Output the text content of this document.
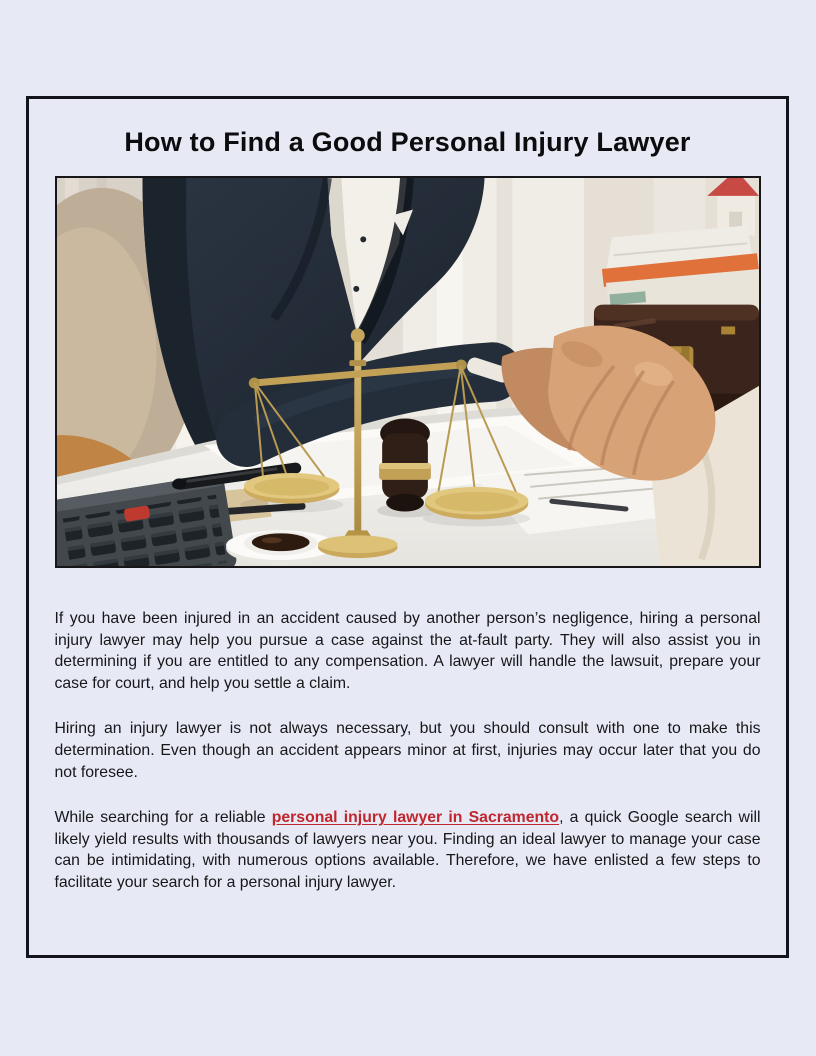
How to Find a Good Personal Injury Lawyer

If you have been injured in an accident caused by another person’s negligence, hiring a personal injury lawyer may help you pursue a case against the at-fault party. They will also assist you in determining if you are entitled to any compensation. A lawyer will handle the lawsuit, prepare your case for court, and help you settle a claim.

Hiring an injury lawyer is not always necessary, but you should consult with one to make this determination. Even though an accident appears minor at first, injuries may occur later that you do not foresee.

While searching for a reliable personal injury lawyer in Sacramento, a quick Google search will likely yield results with thousands of lawyers near you. Finding an ideal lawyer to manage your case can be intimidating, with numerous options available. Therefore, we have enlisted a few steps to facilitate your search for a personal injury lawyer.
